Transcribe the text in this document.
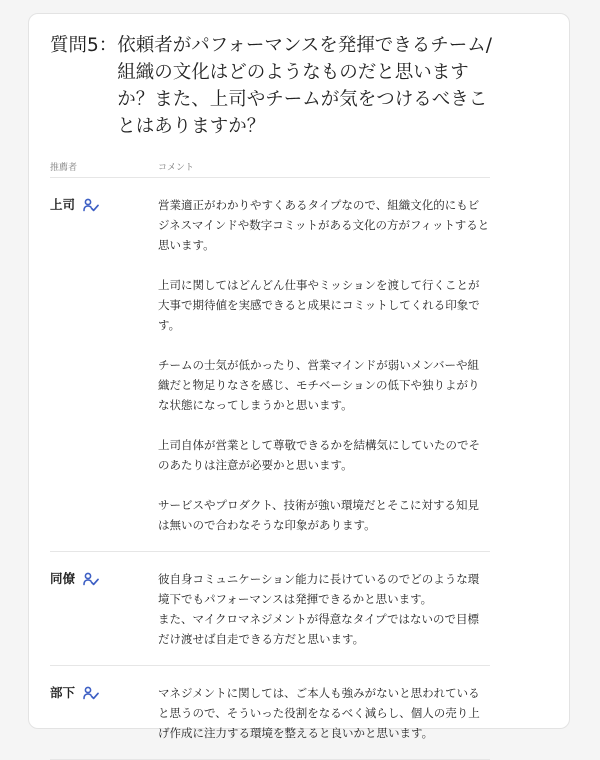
質問5： 依頼者がパフォーマンスを発揮できるチーム/組織の文化はどのようなものだと思いますか？また、上司やチームが気をつけるべきことはありますか？
推薦者	コメント
上司	営業適正がわかりやすくあるタイプなので、組織文化的にもビジネスマインドや数字コミットがある文化の方がフィットすると思います。

上司に関してはどんどん仕事やミッションを渡して行くことが大事で期待値を実感できると成果にコミットしてくれる印象です。

チームの士気が低かったり、営業マインドが弱いメンバーや組織だと物足りなさを感じ、モチベーションの低下や独りよがりな状態になってしまうかと思います。

上司自体が営業として尊敬できるかを結構気にしていたのでそのあたりは注意が必要かと思います。

サービスやプロダクト、技術が強い環境だとそこに対する知見は無いので合わなそうな印象があります。

同僚	彼自身コミュニケーション能力に長けているのでどのような環境下でもパフォーマンスは発揮できるかと思います。
また、マイクロマネジメントが得意なタイプではないので目標だけ渡せば自走できる方だと思います。

部下	マネジメントに関しては、ご本人も強みがないと思われていると思うので、そういった役割をなるべく減らし、個人の売り上げ作成に注力する環境を整えると良いかと思います。
